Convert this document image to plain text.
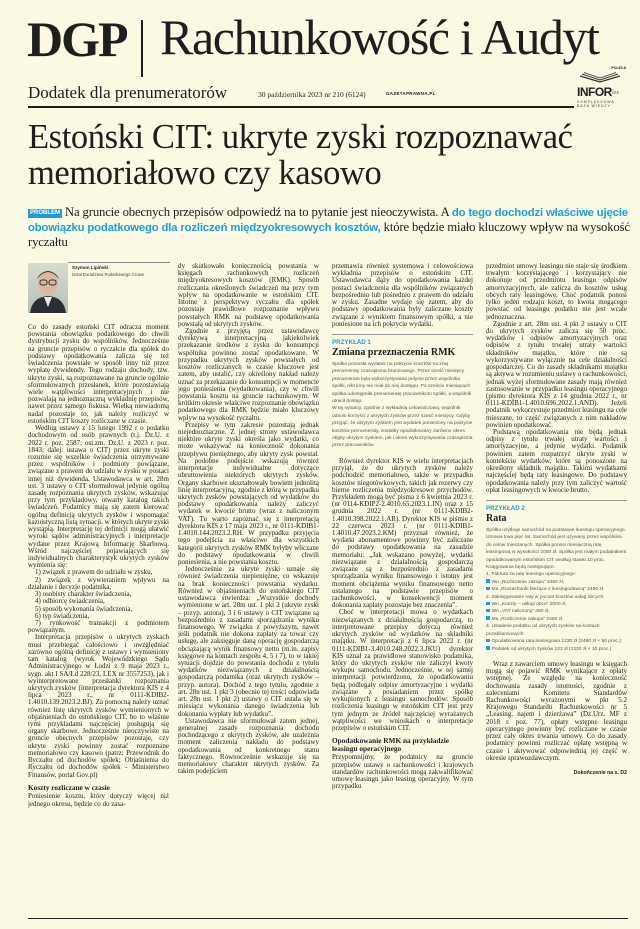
DGP Rachunkowość i Audyt
Dodatek dla prenumeratorów	30 października 2023 nr 210 (6124)	GAZETAPRAWNA.PL
POLECA
INFOR lex
KOMPLEKSOWA
BAZA WIEDZY
Estoński CIT: ukryte zyski rozpoznawać memoriałowo czy kasowo

PROBLEM Na gruncie obecnych przepisów odpowiedź na to pytanie jest nieoczywista. A do tego dochodzi właściwe ujęcie obowiązku podatkowego dla rozliczeń międzyokresowych kosztów, które będzie miało kluczowy wpływ na wysokość ryczałtu

Szymon Lipiński
Dział Doradztwa Podatkowego Crowe

Co do zasady estoński CIT odracza moment powstania obowiązku podatkowego do chwili dystrybucji zysku do wspólników. Jednocześnie na gruncie przepisów o ryczałcie dla spółek do podstawy opodatkowania zalicza się też świadczenia powstałe w sposób inny niż przez wypłatę dywidendy. Tego rodzaju dochody, tzw. ukryte zyski, są rozpoznawane na gruncie ogólnie sformułowanych przesłanek, które pozostawiają wiele wątpliwości interpretacyjnych i nie pozwalają na jednoznaczną wykładnię przepisów, nawet przez samego fiskusa. Wielką niewiadomą nadal pozostaje to, jak należy rozliczyć w estońskim CIT koszty rozliczane w czasie.

Według ustawy z 15 lutego 1992 r o podatku dochodowym od osób prawnych (t.j. Dz.U. z 2022 r. poz. 2587; ost.zm. Dz.U. z 2023 r. poz. 1843; dalej: ustawa o CIT) przez ukryte zyski rozumie się wszelkie świadczenia otrzymywane przez wspólników i podmioty powiązane, związane z prawem do udziału w zysku w postaci innej niż dywidenda. Ustawodawca w art. 28m ust. 3 ustawy o CIT sformułował jedynie ogólną zasadę rozpoznania ukrytych zysków, wskazując przy tym przykładowy, otwarty katalog takich świadczeń. Podatnicy mają się zatem kierować ogólną definicją ukrytych zysków i wspomagać kazuistyczną listą sytuacji, w których ukryte zyski wystąpią. Interpretację tej definicji mogą ułatwić wyroki sądów administracyjnych i interpretacje wydane przez Krajową Informację Skarbową. Wśród najczęściej pojawiających się indywidualnych charakterystyk ukrytych zysków wymienia się:

1) związek z prawem do udziału w zysku,

2) związek z wywieraniem wpływu na działanie i decyzje podatnika,

3) osobisty charakter świadczenia,

4) odbiorcę świadczenia,

5) sposób wykonania świadczenia,

6) typ świadczenia,

7) rynkowość transakcji z podmiotem powiązanym.

Interpretacja przepisów o ukrytych zyskach musi przebiegać całościowo i uwzględniać zarówno ogólną definicję z ustawy i wymieniony tam katalog (wyrok Wojewódzkiego Sądu Administracyjnego w Łodzi z 9 maja 2023 r., sygn. akt I SA/Łd 228/23, LEX nr 3557253), jak i wyinterpretowane przesłanki rozpoznania ukrytych zysków (interpretacja dyrektora KIS z 4 lipca 2023 r., nr 0111-KDIB2-1.4010.139.2023.2.BJ). Za pomocną należy uznać również listę ukrytych zysków wymienionych w objaśnieniach do estońskiego CIT, bo to właśnie tymi przykładami najczęściej posługują się organy skarbowe. Jednocześnie nieoczywiste na gruncie obecnych przepisów pozostaje, czy ukryte zyski powinny zostać rozpoznane memoriałowo czy kasowo (patrz: Przewodnik do Ryczałtu od dochodów spółek; Objaśnienia do Ryczałtu od dochodów spółek - Ministerstwo Finansów, portal Gov.pl)

Koszty rozliczane w czasie

Poniesienie kosztu, który dotyczy więcej niż jednego okresu, będzie co do zasa-

dy skutkowało koniecznością powstania w księgach rachunkowych rozliczeń międzyokresowych kosztów (RMK). Sposób rozliczania określonych świadczeń ma przy tym wpływ na opodatkowanie w estońskim CIT. Istotne z perspektywy ryczałtu dla spółek pozostaje prawidłowe rozpoznanie wpływu powstałych RMK na podstawę opodatkowania powstałą od ukrytych zysków.

Zgodnie z przyjętą przez ustawodawcę dyrektywą interpretacyjną jakiekolwiek przekazanie środków z zysku do konsumpcji wspólnika powinno zostać opodatkowane. W przypadku ukrytych zysków powstałych od kosztów rozliczanych w czasie kluczowe jest zatem, aby ustalić, czy określony nakład należy uznać za przekazanie do konsumpcji w momencie jego poniesienia (wydatkowania), czy w chwili powstania kosztu na gruncie rachunkowym. W krótkim okresie właściwe rozpoznanie obowiązku podatkowego dla RMK będzie miało kluczowy wpływ na wysokość ryczałtu.

Przepisy w tym zakresie pozostają jednak niejednoznaczne. Z jednej strony ustawodawca niektóre ukryte zyski określa jako wydatki, co może wskazywać na konieczność dokonania przepływu pieniężnego, aby ukryty zysk powstał. Na podobne podejście wskazują również interpretacje indywidualne dotyczące ubruttowienia niektórych ukrytych zysków. Organy skarbowe ukształtowały bowiem jednolitą linię interpretacyjną, zgodnie z którą w przypadku ukrytych zysków powstających od wydatków do podstawy opodatkowania należy zaliczyć wydatek w kwocie brutto (wraz z naliczonym VAT). Tu warto zapoznać się z interpretacją dyrektora KIS z 17 maja 2023 r., nr 0111-KDIB1-1.4010.144.2023.2.RH. W przypadku przyjęcia tego podejścia za właściwe dla wszystkich kategorii ukrytych zysków RMK byłyby wliczane do podstawy opodatkowania w chwili poniesienia, a nie powstania kosztu.

Jednocześnie za ukryte zyski uznaje się również świadczenia niepieniężne, co wskazuje na brak konieczności powstania wydatku. Również w objaśnieniach do estońskiego CIT ustawodawca stwierdza: „Wszystkie dochody wymienione w art. 28m ust. 1 pkt 2 (ukryte zyski – przyp. autora), 3 i 6 ustawy o CIT związane są bezpośrednio z zasadami sporządzania wyniku finansowego. W związku z powyższym, nawet jeśli podatnik nie dokona zapłaty za towar czy usługę, ale zaksięguje daną operację gospodarczą obciążającą wynik finansowy netto (m.in. zapisy księgowe na kontach zespołu 4, 5 i 7), to w takiej sytuacji dojdzie do powstania dochodu z tytułu wydatków niezwiązanych z działalnością gospodarczą podatnika (oraz ukrytych zysków – przyp. autora). Dochód z tego tytułu, zgodnie z art. 28n ust. 1 pkt 3 (obecnie tej treści odpowiada art. 28n ust. 1 pkt 2) ustawy o CIT ustala się w miesiącu wykonania danego świadczenia lub dokonania wypłaty lub wydatku”.

Ustawodawca nie sformułował zatem jednej, generalnej zasady rozpoznania dochodu pochodzącego z ukrytych zysków, ale uzależnia moment zaliczenia nakładu do podstawy opodatkowania od konkretnego stanu faktycznego. Równocześnie wskazuje się na memoriałowy charakter ukrytych zysków. Za takim podejściem

przemawia również systemowa i celowościowa wykładnia przepisów o estońskim CIT. Ustawodawca dąży do opodatkowania każdej postaci świadczenia dla wspólników związanych bezpośrednio lub pośrednio z prawem do udziału w zysku. Zasadne wydaje się zatem, aby do podstawy opodatkowania były zaliczane koszty związane z wynikiem finansowym spółki, a nie poniesione na ich pokrycie wydatki.

PRZYKŁAD 1
Zmiana przeznaczenia RMK

Spółka poniosła wydatek na pokrycie kosztów rocznej prenumeraty czasopisma branżowego. Przez sześć miesięcy prenumerata była wykorzystywana jedynie przez wspólnika spółki, nikt inny nie miał do niej dostępu. Po sześciu miesiącach spółka udostępniła prenumeratę pracownikom spółki, a wspólnik utracił dostęp.

W tej sytuacji, zgodnie z wykładnią celowościową, wspólnik odnosi korzyści z ukrytych zysków przez sześć miesięcy. Gdyby przyjąć, że ukrytym zyskiem jest wydatek poniesiony na pokrycie kosztów prenumeraty, zostałby opodatkowany zarówno okres objęty ukrytym zyskiem, jak i okres wykorzystywania czasopisma przez pracowników.

Również dyrektor KIS w wielu interpretacjach przyjął, że do ukrytych zysków należy podchodzić memoriałowo, także w przypadku kosztów niegotówkowych, takich jak rezerwy czy bierne rozliczenia międzyokresowe przychodów. Przykładem mogą być pisma z 6 kwietnia 2023 r. (nr 0114-KDIP2-2.4010.65.2023.1.IN) oraz z 15 grudnia 2022 r. (nr 0111-KDIB2-1.4010.398.2022.1.AR). Dyrektor KIS w piśmie z 22 czerwca 2023 r. (nr 0111-KDIB1-1.4010.47.2023.2.KM) przyznał również, że wydatki abonamentowe powinny być zaliczane do podstawy opodatkowania na zasadzie memoriału: „Jak wskazano powyżej, wydatki niezwiązane z działalnością gospodarczą związane są z bezpośrednio z zasadami sporządzania wyniku finansowego i istotny jest moment obciążenia wyniku finansowego netto ustalanego na podstawie przepisów o rachunkowości, w konsekwencji moment dokonania zapłaty pozostaje bez znaczenia”.

Choć w interpretacji mowa o wydatkach niezwiązanych z działalnością gospodarczą, to interpretowane przepisy dotyczą również ukrytych zysków od wydatków na składniki majątku. W interpretacji z 6 lipca 2022 r. (nr 0111-KDIB1-3.4010.248.2022.3.JKU) dyrektor KIS uznał za prawidłowe stanowisko podatnika, który do ukrytych zysków nie zaliczył kwoty wykupu samochodu. Jednocześnie, w tej samej interpretacji potwierdzono, że opodatkowaniu będą podlegały odpisy amortyzacyjne i wydatki związane z posiadaniem przez spółkę wykupionych z leasingu samochodów. Sposób rozliczenia leasingu w estońskim CIT jest przy tym jednym ze źródeł najczęściej wyrażanych wątpliwości we wnioskach o interpretacje przepisów o estońskim CIT.

Opodatkowanie RMK na przykładzie leasingu operacyjnego

Przypomnijmy, że podatnicy na gruncie przepisów ustawy o rachunkowości i krajowych standardów rachunkowości mogą zakwalifikować umowę leasingu jako leasing operacyjny. W tym przypadku

przedmiot umowy leasingu nie staje się środkiem trwałym korzystającego i korzystający nie dokonuje od przedmiotu leasingu odpisów amortyzacyjnych, ale zalicza do kosztów usług obcych raty leasingowe. Choć podatnik ponosi tylko jeden rodzaju koszt, to kwota mogącego powstać od leasingu podatku nie jest wcale jednoznaczna.

Zgodnie z art. 28m ust. 4 pkt 2 ustawy o CIT do ukrytych zysków zalicza się 50 proc. wydatków i odpisów amortyzacyjnych oraz odpisów z tytułu trwałej utraty wartości składników majątku, które nie są wykorzystywane wyłącznie na cele działalności gospodarczej. Co do zasady składnikami majątku są aktywa w rozumieniu ustawy o rachunkowości, jednak wyżej sformułowane zasady mają również zastosowanie w przypadku leasingu operacyjnego (pismo dyrektora KIS z 14 grudnia 2022 r., nr 0111-KDIB1-1.4010.696.2022.1.AND). Jeżeli podatnik wykorzystuje przedmiot leasingu na cele mieszane, to część związanych z nim nakładów powinien opodatkować.

Podstawą opodatkowania nie będą jednak odpisy z tytułu trwałej utraty wartości i amortyzacyjne, a jedynie wydatki. Podatnik powinien zatem rozpatrzyć ukryte zyski w kontekście wydatków, które są ponoszone na określony składnik majątku. Takimi wydatkami najczęściej będą raty leasingowe. Do podstawy opodatkowania należy przy tym zaliczyć wartość opłat leasingowych w kwocie brutto.

PRZYKŁAD 2
Rata

Spółka użytkuje samochód na podstawie leasingu operacyjnego. Umowa trwa pięć lat. Samochód jest używany przez wspólnika do celów mieszanych. Spółka ponosi miesięczną ratę leasingową w wysokości 2000 zł. Spółka jest małym podatnikiem opodatkowanym estońskim CIT według stawki 10 proc.

Księgowania będą następujące:

1. Faktura za ratę leasingu operacyjnego:

Wn „Rozliczenie zakupu” 2460 zł,

Ma „Rozrachunki bieżące z leasingodawcą” 2460 zł.

2. Zaksięgowanie raty w poczet kosztów usług obcych:

Wn „Koszty – usługi obce” 2000 zł,

Wn „VAT naliczony” 460 zł,

Ma „Rozliczenie zakupu” 2460 zł.

3. Ustalenie podatku od ukrytych zysków na kontach pozabilansowych:

Opodatkowana rata leasingowa 1230 zł (2460 zł × 50 proc.);

Podatek od ukrytych zysków 123 zł (1230 zł × 10 proc.)

Wraz z zawarciem umowy leasingu w księgach mogą się pojawić RMK wynikające z opłaty wstępnej. Ze względu na konieczność dochowania zasady istotności, zgodnie z zaleceniami Komitetu Standardów Rachunkowości wyrażonymi w pkt 5.2 Krajowego Standardu Rachunkowości nr 5 „Leasing, najem i dzierżawa” (Dz.Urz. MF z 2018 r. poz. 77), opłaty wstępne leasingu operacyjnego powinny być rozliczane w czasie przez cały okres trwania umowy. Co do zasady podatnicy powinni rozliczać opłatę wstępną w czasie i aktywować odpowiednią jej część w okresie sprawozdawczym.

Dokończenie na s. D2
